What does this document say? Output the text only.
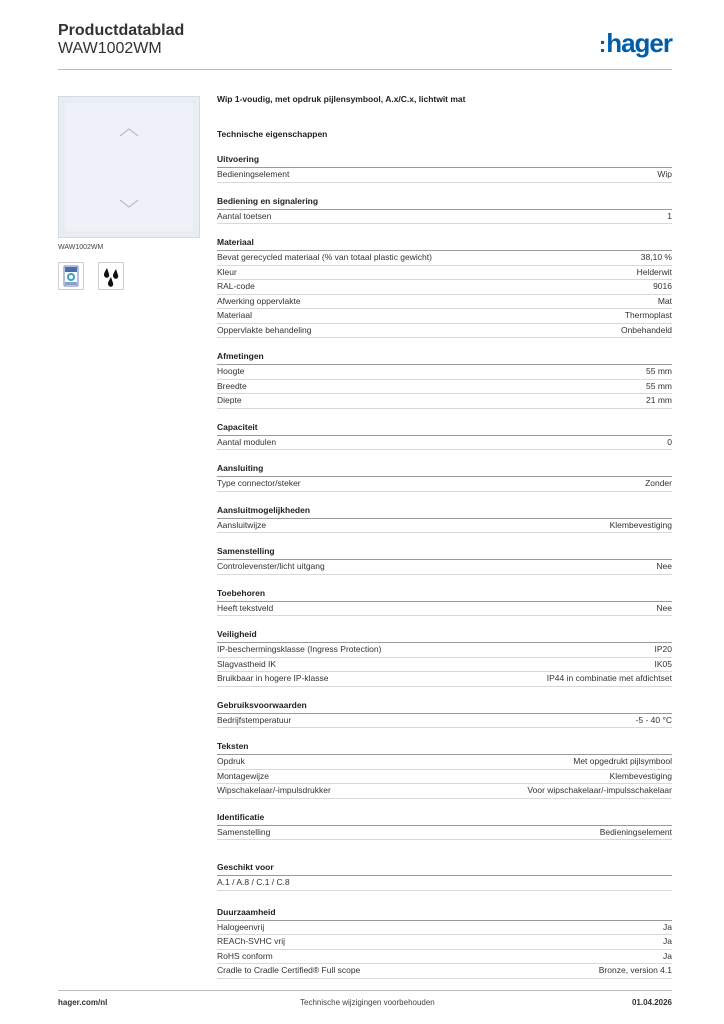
Productdatablad
WAW1002WM	:hager
WAW1002WM
Wip 1-voudig, met opdruk pijlensymbool, A.x/C.x, lichtwit mat
Technische eigenschappen
Uitvoering
Bedieningselement	Wip
Bediening en signalering
Aantal toetsen	1
Materiaal
Bevat gerecycled materiaal (% van totaal plastic gewicht)	38,10 %
Kleur	Helderwit
RAL-code	9016
Afwerking oppervlakte	Mat
Materiaal	Thermoplast
Oppervlakte behandeling	Onbehandeld
Afmetingen
Hoogte	55 mm
Breedte	55 mm
Diepte	21 mm
Capaciteit
Aantal modulen	0
Aansluiting
Type connector/steker	Zonder
Aansluitmogelijkheden
Aansluitwijze	Klembevestiging
Samenstelling
Controlevenster/licht uitgang	Nee
Toebehoren
Heeft tekstveld	Nee
Veiligheid
IP-beschermingsklasse (Ingress Protection)	IP20
Slagvastheid IK	IK05
Bruikbaar in hogere IP-klasse	IP44 in combinatie met afdichtset
Gebruiksvoorwaarden
Bedrijfstemperatuur	-5 - 40 °C
Teksten
Opdruk	Met opgedrukt pijlsymbool
Montagewijze	Klembevestiging
Wipschakelaar/-impulsdrukker	Voor wipschakelaar/-impulsschakelaar
Identificatie
Samenstelling	Bedieningselement
Geschikt voor
A.1 / A.8 / C.1 / C.8
Duurzaamheid
Halogeenvrij	Ja
REACh-SVHC vrij	Ja
RoHS conform	Ja
Cradle to Cradle Certified® Full scope	Bronze, version 4.1
hager.com/nl	Technische wijzigingen voorbehouden	01.04.2026
